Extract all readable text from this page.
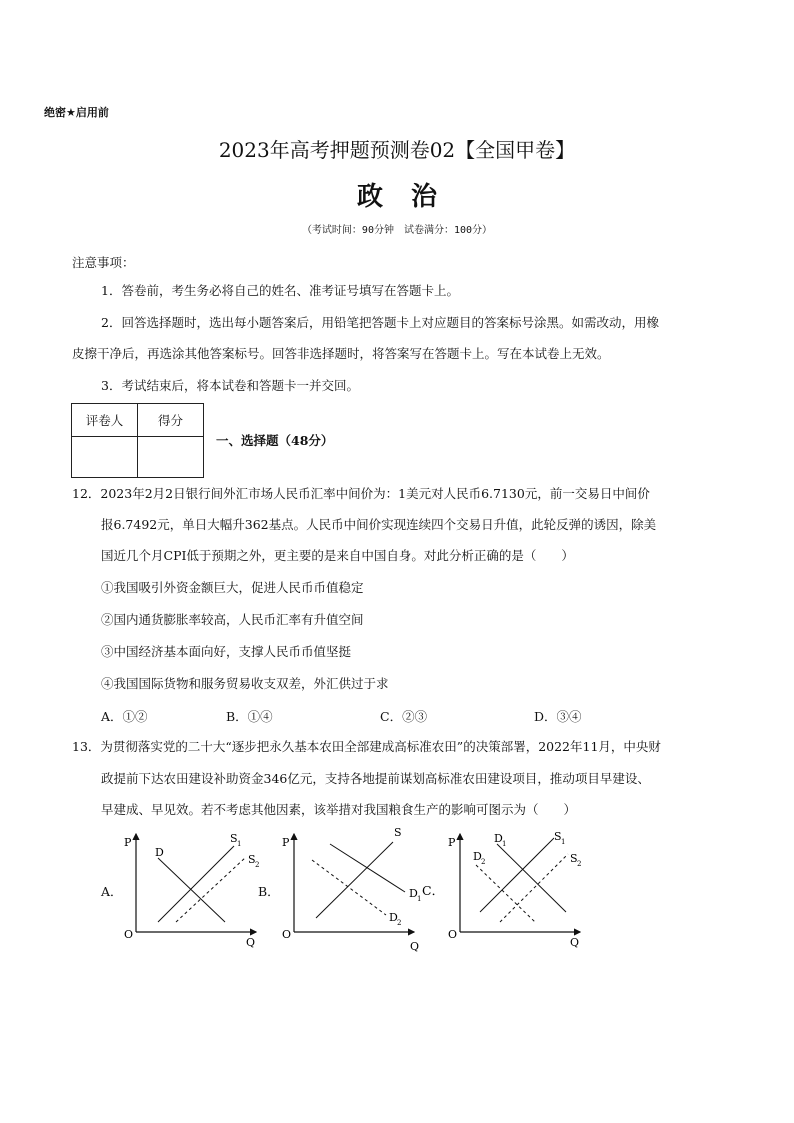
绝密★启用前
2023年高考押题预测卷02【全国甲卷】
政治
（考试时间：90分钟　试卷满分：100分）
注意事项：
1．答卷前，考生务必将自己的姓名、准考证号填写在答题卡上。
2．回答选择题时，选出每小题答案后，用铅笔把答题卡上对应题目的答案标号涂黑。如需改动，用橡
皮擦干净后，再选涂其他答案标号。回答非选择题时，将答案写在答题卡上。写在本试卷上无效。
3．考试结束后，将本试卷和答题卡一并交回。
评卷人	得分

一、选择题（48分）
12．2023年2月2日银行间外汇市场人民币汇率中间价为：1美元对人民币6.7130元，前一交易日中间价
报6.7492元，单日大幅升362基点。人民币中间价实现连续四个交易日升值，此轮反弹的诱因，除美
国近几个月CPI低于预期之外，更主要的是来自中国自身。对此分析正确的是（　　）
①我国吸引外资金额巨大，促进人民币币值稳定
②国内通货膨胀率较高，人民币汇率有升值空间
③中国经济基本面向好，支撑人民币币值坚挺
④我国国际货物和服务贸易收支双差，外汇供过于求
A．①②	B．①④	C．②③	D．③④
13．为贯彻落实党的二十大“逐步把永久基本农田全部建成高标准农田”的决策部署，2022年11月，中央财
政提前下达农田建设补助资金346亿元，支持各地提前谋划高标准农田建设项目，推动项目早建设、
早建成、早见效。若不考虑其他因素，该举措对我国粮食生产的影响可图示为（　　）
A．	B．
P
O
Q
D
S 1
S 2
P
O
Q
S
D 1
D 2
C．
P
O
Q
D 1
D 2
S 1
S 2
